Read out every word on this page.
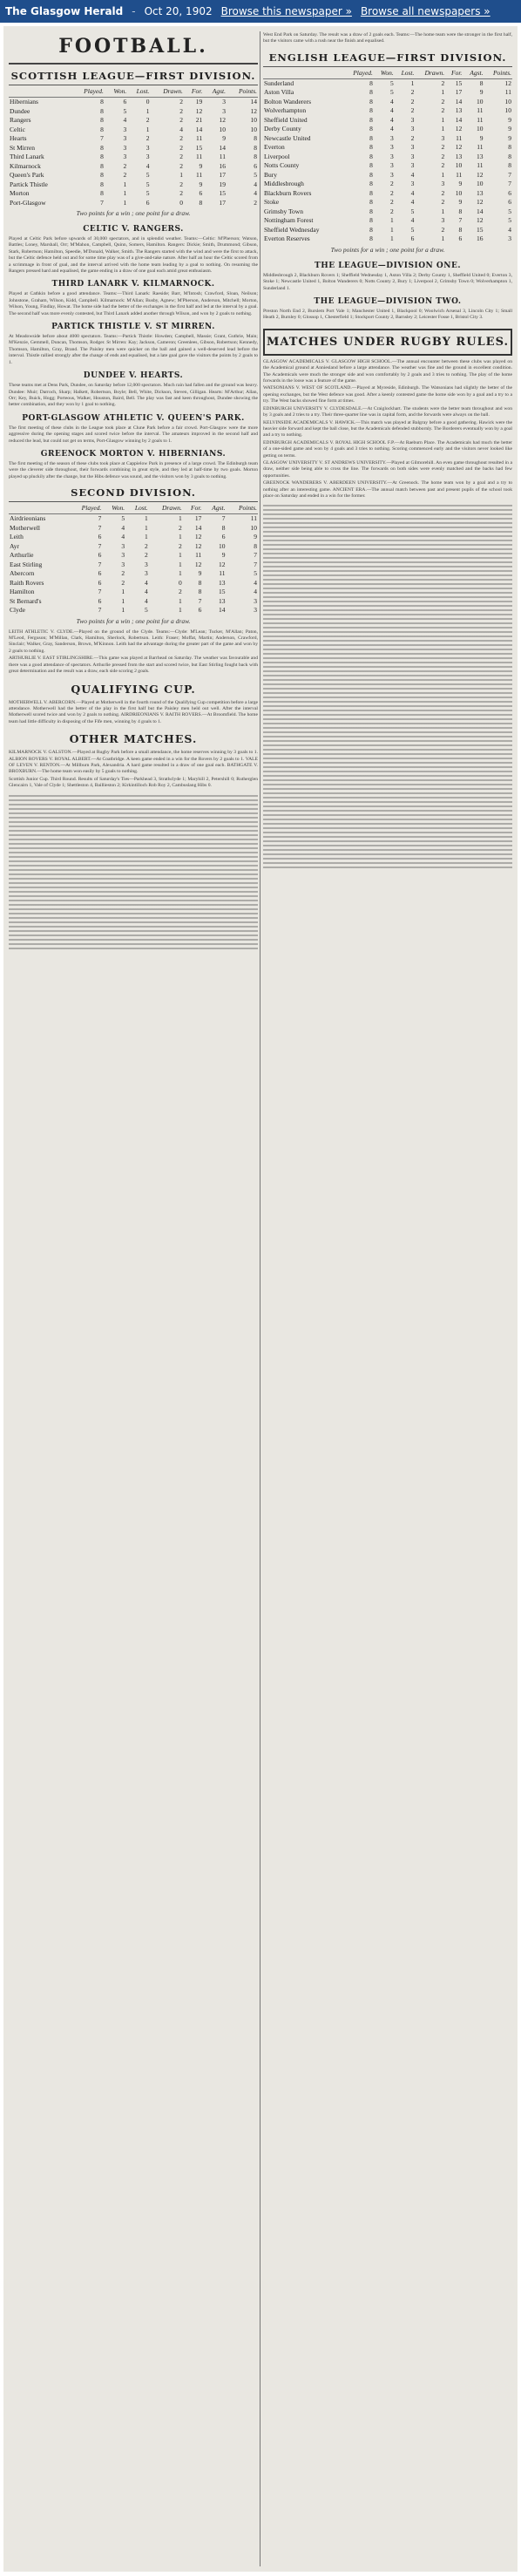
The Glasgow Herald - Oct 20, 1902 Browse this newspaper » Browse all newspapers »
FOOTBALL.
SCOTTISH LEAGUE—FIRST DIVISION.
	Played.	Won.	Lost.	Drawn.	For.	Agst.	Points.
Hibernians	8	6	0	2	19	3	14
Dundee	8	5	1	2	12	3	12
Rangers	8	4	2	2	21	12	10
Celtic	8	3	1	4	14	10	10
Hearts	7	3	2	2	11	9	8
St Mirren	8	3	3	2	15	14	8
Third Lanark	8	3	3	2	11	11	8
Kilmarnock	8	2	4	2	9	16	6
Queen's Park	8	2	5	1	11	17	5
Partick Thistle	8	1	5	2	9	19	4
Morton	8	1	5	2	6	15	4
Port-Glasgow	7	1	6	0	8	17	2
Two points for a win ; one point for a draw.
CELTIC V. RANGERS.

Played at Celtic Park before upwards of 30,000 spectators, and in splendid weather. Teams:—Celtic: M'Pherson; Watson, Battles; Loney, Marshall, Orr; M'Mahon, Campbell, Quinn, Somers, Hamilton. Rangers: Dickie; Smith, Drummond; Gibson, Stark, Robertson; Hamilton, Speedie, M'Donald, Walker, Smith. The Rangers started with the wind and were the first to attack, but the Celtic defence held out and for some time play was of a give-and-take nature. After half an hour the Celtic scored from a scrimmage in front of goal, and the interval arrived with the home team leading by a goal to nothing. On resuming the Rangers pressed hard and equalised, the game ending in a draw of one goal each amid great enthusiasm.

THIRD LANARK V. KILMARNOCK.

Played at Cathkin before a good attendance. Teams:—Third Lanark: Raeside; Barr, M'Intosh; Crawford, Sloan, Neilson; Johnstone, Graham, Wilson, Kidd, Campbell. Kilmarnock: M'Allan; Busby, Agnew; M'Pherson, Anderson, Mitchell; Morton, Wilson, Young, Findlay, Howat. The home side had the better of the exchanges in the first half and led at the interval by a goal. The second half was more evenly contested, but Third Lanark added another through Wilson, and won by 2 goals to nothing.

PARTICK THISTLE V. ST MIRREN.

At Meadowside before about 4000 spectators. Teams:—Partick Thistle: Howden; Campbell, Massie; Grant, Guthrie, Main; M'Kenzie, Gemmell, Duncan, Thomson, Rodger. St Mirren: Kay; Jackson, Cameron; Greenlees, Gibson, Robertson; Kennedy, Thomson, Hamilton, Gray, Brand. The Paisley men were quicker on the ball and gained a well-deserved lead before the interval. Thistle rallied strongly after the change of ends and equalised, but a late goal gave the visitors the points by 2 goals to 1.

DUNDEE V. HEARTS.

These teams met at Dens Park, Dundee, on Saturday before 12,000 spectators. Much rain had fallen and the ground was heavy. Dundee: Muir; Darroch, Sharp; Halkett, Robertson, Boyle; Bell, White, Dickson, Steven, Gilligan. Hearts: M'Arthur; Allan, Orr; Key, Buick, Hogg; Porteous, Walker, Houston, Baird, Bell. The play was fast and keen throughout, Dundee showing the better combination, and they won by 1 goal to nothing.

PORT-GLASGOW ATHLETIC V. QUEEN'S PARK.

The first meeting of these clubs in the League took place at Clune Park before a fair crowd. Port-Glasgow were the more aggressive during the opening stages and scored twice before the interval. The amateurs improved in the second half and reduced the lead, but could not get on terms, Port-Glasgow winning by 2 goals to 1.

GREENOCK MORTON V. HIBERNIANS.

The first meeting of the season of these clubs took place at Cappielow Park in presence of a large crowd. The Edinburgh team were the cleverer side throughout, their forwards combining in great style, and they led at half-time by two goals. Morton played up pluckily after the change, but the Hibs defence was sound, and the visitors won by 3 goals to nothing.

SECOND DIVISION.
	Played.	Won.	Lost.	Drawn.	For.	Agst.	Points.
Airdrieonians	7	5	1	1	17	7	11
Motherwell	7	4	1	2	14	8	10
Leith	6	4	1	1	12	6	9
Ayr	7	3	2	2	12	10	8
Arthurlie	6	3	2	1	11	9	7
East Stirling	7	3	3	1	12	12	7
Abercorn	6	2	3	1	9	11	5
Raith Rovers	6	2	4	0	8	13	4
Hamilton	7	1	4	2	8	15	4
St Bernard's	6	1	4	1	7	13	3
Clyde	7	1	5	1	6	14	3
Two points for a win ; one point for a draw.

LEITH ATHLETIC V. CLYDE.—Played on the ground of the Clyde. Teams:—Clyde: M'Lean; Tucker, M'Allan; Paton, M'Leod, Ferguson; M'Millan, Clark, Hamilton, Sherlock, Robertson. Leith: Fraser; Moffat, Martin; Anderson, Crawford, Sinclair; Walker, Gray, Sanderson, Brown, M'Kinnon. Leith had the advantage during the greater part of the game and won by 2 goals to nothing.

ARTHURLIE V. EAST STIRLINGSHIRE.—This game was played at Barrhead on Saturday. The weather was favourable and there was a good attendance of spectators. Arthurlie pressed from the start and scored twice, but East Stirling fought back with great determination and the result was a draw, each side scoring 2 goals.

QUALIFYING CUP.

MOTHERWELL V. ABERCORN.—Played at Motherwell in the fourth round of the Qualifying Cup competition before a large attendance. Motherwell had the better of the play in the first half but the Paisley men held out well. After the interval Motherwell scored twice and won by 2 goals to nothing. AIRDRIEONIANS V. RAITH ROVERS.—At Broomfield. The home team had little difficulty in disposing of the Fife men, winning by 4 goals to 1.

OTHER MATCHES.

KILMARNOCK V. GALSTON.—Played at Rugby Park before a small attendance, the home reserves winning by 3 goals to 1. ALBION ROVERS V. ROYAL ALBERT.—At Coatbridge. A keen game ended in a win for the Rovers by 2 goals to 1. VALE OF LEVEN V. RENTON.—At Millburn Park, Alexandria. A hard game resulted in a draw of one goal each. BATHGATE V. BROXBURN.—The home team won easily by 5 goals to nothing.

Scottish Junior Cup. Third Round. Results of Saturday's Ties—Parkhead 3, Strathclyde 1; Maryhill 2, Petershill 0; Rutherglen Glencairn 1, Vale of Clyde 1; Shettleston 4, Baillieston 2; Kirkintilloch Rob Roy 2, Cambuslang Hibs 0.

West End Park on Saturday. The result was a draw of 2 goals each. Teams:—The home team were the stronger in the first half, but the visitors came with a rush near the finish and equalised.

ENGLISH LEAGUE—FIRST DIVISION.
	Played.	Won.	Lost.	Drawn.	For.	Agst.	Points.
Sunderland	8	5	1	2	15	8	12
Aston Villa	8	5	2	1	17	9	11
Bolton Wanderers	8	4	2	2	14	10	10
Wolverhampton	8	4	2	2	13	11	10
Sheffield United	8	4	3	1	14	11	9
Derby County	8	4	3	1	12	10	9
Newcastle United	8	3	2	3	11	9	9
Everton	8	3	3	2	12	11	8
Liverpool	8	3	3	2	13	13	8
Notts County	8	3	3	2	10	11	8
Bury	8	3	4	1	11	12	7
Middlesbrough	8	2	3	3	9	10	7
Blackburn Rovers	8	2	4	2	10	13	6
Stoke	8	2	4	2	9	12	6
Grimsby Town	8	2	5	1	8	14	5
Nottingham Forest	8	1	4	3	7	12	5
Sheffield Wednesday	8	1	5	2	8	15	4
Everton Reserves	8	1	6	1	6	16	3
Two points for a win ; one point for a draw.
THE LEAGUE—DIVISION ONE.

Middlesbrough 2, Blackburn Rovers 1; Sheffield Wednesday 1, Aston Villa 2; Derby County 1, Sheffield United 0; Everton 3, Stoke 1; Newcastle United 1, Bolton Wanderers 0; Notts County 2, Bury 1; Liverpool 2, Grimsby Town 0; Wolverhampton 1, Sunderland 1.

THE LEAGUE—DIVISION TWO.

Preston North End 2, Burslem Port Vale 1; Manchester United 1, Blackpool 0; Woolwich Arsenal 3, Lincoln City 1; Small Heath 2, Burnley 0; Glossop 1, Chesterfield 1; Stockport County 2, Barnsley 2; Leicester Fosse 1, Bristol City 3.

MATCHES UNDER RUGBY RULES.

GLASGOW ACADEMICALS V. GLASGOW HIGH SCHOOL.—The annual encounter between these clubs was played on the Academical ground at Anniesland before a large attendance. The weather was fine and the ground in excellent condition. The Academicals were much the stronger side and won comfortably by 2 goals and 3 tries to nothing. The play of the home forwards in the loose was a feature of the game.

WATSONIANS V. WEST OF SCOTLAND.—Played at Myreside, Edinburgh. The Watsonians had slightly the better of the opening exchanges, but the West defence was good. After a keenly contested game the home side won by a goal and a try to a try. The West backs showed fine form at times.

EDINBURGH UNIVERSITY V. CLYDESDALE.—At Craiglockhart. The students were the better team throughout and won by 3 goals and 2 tries to a try. Their three-quarter line was in capital form, and the forwards were always on the ball.

KELVINSIDE ACADEMICALS V. HAWICK.—This match was played at Balgray before a good gathering. Hawick were the heavier side forward and kept the ball close, but the Academicals defended stubbornly. The Borderers eventually won by a goal and a try to nothing.

EDINBURGH ACADEMICALS V. ROYAL HIGH SCHOOL F.P.—At Raeburn Place. The Academicals had much the better of a one-sided game and won by 4 goals and 3 tries to nothing. Scoring commenced early and the visitors never looked like getting on terms.

GLASGOW UNIVERSITY V. ST ANDREWS UNIVERSITY.—Played at Gilmorehill. An even game throughout resulted in a draw, neither side being able to cross the line. The forwards on both sides were evenly matched and the backs had few opportunities.

GREENOCK WANDERERS V. ABERDEEN UNIVERSITY.—At Greenock. The home team won by a goal and a try to nothing after an interesting game. ANCIENT ERA.—The annual match between past and present pupils of the school took place on Saturday and ended in a win for the former.
